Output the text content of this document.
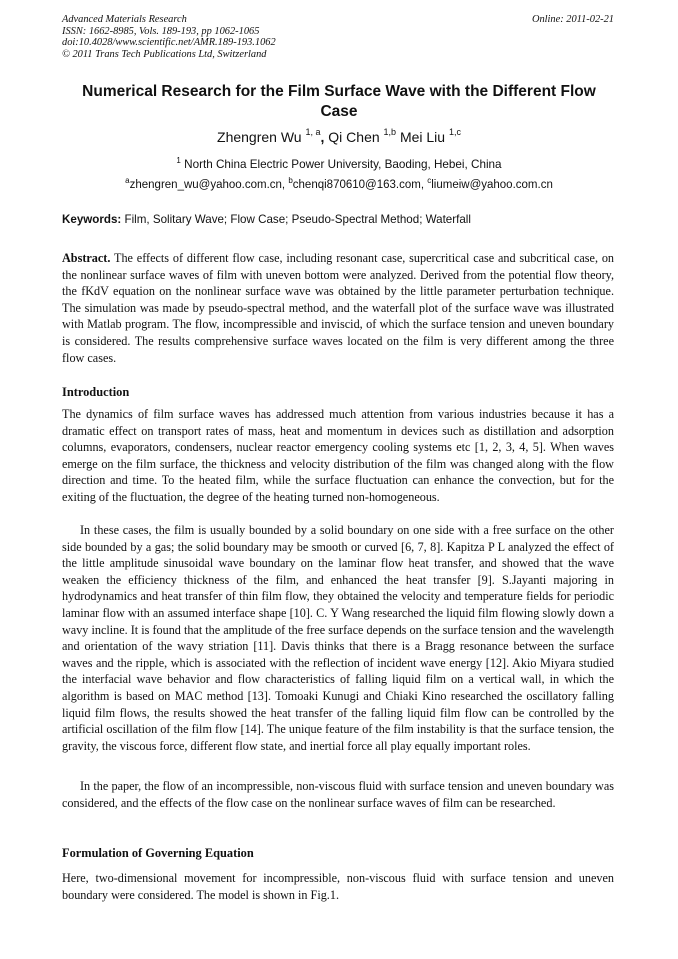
Advanced Materials Research
ISSN: 1662-8985, Vols. 189-193, pp 1062-1065
doi:10.4028/www.scientific.net/AMR.189-193.1062
© 2011 Trans Tech Publications Ltd, Switzerland
Online: 2011-02-21
Numerical Research for the Film Surface Wave with the Different Flow
Case
Zhengren Wu $^{1, a}$, Qi Chen $^{1,b}$ Mei Liu $^{1,c}$
$^1$ North China Electric Power University, Baoding, Hebei, China
$^a$zhengren_wu@yahoo.com.cn, $^b$chenqi870610@163.com, $^c$liumeiw@yahoo.com.cn
Keywords: Film, Solitary Wave; Flow Case; Pseudo-Spectral Method; Waterfall
Abstract. The effects of different flow case, including resonant case, supercritical case and subcritical case, on the nonlinear surface waves of film with uneven bottom were analyzed. Derived from the potential flow theory, the fKdV equation on the nonlinear surface wave was obtained by the little parameter perturbation technique. The simulation was made by pseudo-spectral method, and the waterfall plot of the surface wave was illustrated with Matlab program. The flow, incompressible and inviscid, of which the surface tension and uneven boundary is considered. The results comprehensive surface waves located on the film is very different among the three flow cases.
Introduction
The dynamics of film surface waves has addressed much attention from various industries because it has a dramatic effect on transport rates of mass, heat and momentum in devices such as distillation and adsorption columns, evaporators, condensers, nuclear reactor emergency cooling systems etc [1, 2, 3, 4, 5]. When waves emerge on the film surface, the thickness and velocity distribution of the film was changed along with the flow direction and time. To the heated film, while the surface fluctuation can enhance the convection, but for the exiting of the fluctuation, the degree of the heating turned non-homogeneous.
In these cases, the film is usually bounded by a solid boundary on one side with a free surface on the other side bounded by a gas; the solid boundary may be smooth or curved [6, 7, 8]. Kapitza P L analyzed the effect of the little amplitude sinusoidal wave boundary on the laminar flow heat transfer, and showed that the wave weaken the efficiency thickness of the film, and enhanced the heat transfer [9]. S.Jayanti majoring in hydrodynamics and heat transfer of thin film flow, they obtained the velocity and temperature fields for periodic laminar flow with an assumed interface shape [10]. C. Y Wang researched the liquid film flowing slowly down a wavy incline. It is found that the amplitude of the free surface depends on the surface tension and the wavelength and orientation of the wavy striation [11]. Davis thinks that there is a Bragg resonance between the surface waves and the ripple, which is associated with the reflection of incident wave energy [12]. Akio Miyara studied the interfacial wave behavior and flow characteristics of falling liquid film on a vertical wall, in which the algorithm is based on MAC method [13]. Tomoaki Kunugi and Chiaki Kino researched the oscillatory falling liquid film flows, the results showed the heat transfer of the falling liquid film flow can be controlled by the artificial oscillation of the film flow [14]. The unique feature of the film instability is that the surface tension, the gravity, the viscous force, different flow state, and inertial force all play equally important roles.
In the paper, the flow of an incompressible, non-viscous fluid with surface tension and uneven boundary was considered, and the effects of the flow case on the nonlinear surface waves of film can be researched.
Formulation of Governing Equation
Here, two-dimensional movement for incompressible, non-viscous fluid with surface tension and uneven boundary were considered. The model is shown in Fig.1.
